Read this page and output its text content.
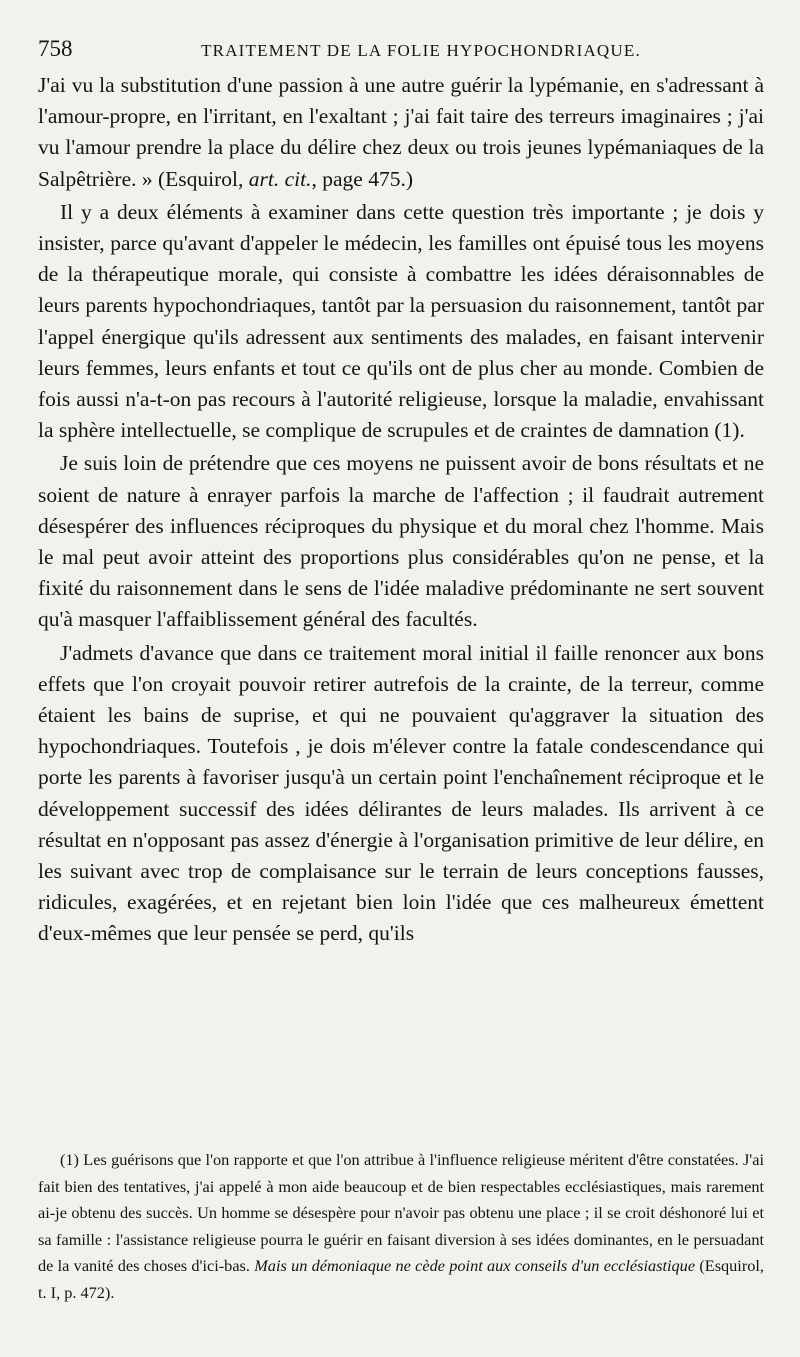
758	TRAITEMENT DE LA FOLIE HYPOCHONDRIAQUE.

J'ai vu la substitution d'une passion à une autre guérir la lypémanie, en s'adressant à l'amour-propre, en l'irritant, en l'exaltant ; j'ai fait taire des terreurs imaginaires ; j'ai vu l'amour prendre la place du délire chez deux ou trois jeunes lypémaniaques de la Salpêtrière. » (Esquirol, art. cit., page 475.)

Il y a deux éléments à examiner dans cette question très importante ; je dois y insister, parce qu'avant d'appeler le médecin, les familles ont épuisé tous les moyens de la thérapeutique morale, qui consiste à combattre les idées déraisonnables de leurs parents hypochondriaques, tantôt par la persuasion du raisonnement, tantôt par l'appel énergique qu'ils adressent aux sentiments des malades, en faisant intervenir leurs femmes, leurs enfants et tout ce qu'ils ont de plus cher au monde. Combien de fois aussi n'a-t-on pas recours à l'autorité religieuse, lorsque la maladie, envahissant la sphère intellectuelle, se complique de scrupules et de craintes de damnation (1).

Je suis loin de prétendre que ces moyens ne puissent avoir de bons résultats et ne soient de nature à enrayer parfois la marche de l'affection ; il faudrait autrement désespérer des influences réciproques du physique et du moral chez l'homme. Mais le mal peut avoir atteint des proportions plus considérables qu'on ne pense, et la fixité du raisonnement dans le sens de l'idée maladive prédominante ne sert souvent qu'à masquer l'affaiblissement général des facultés.

J'admets d'avance que dans ce traitement moral initial il faille renoncer aux bons effets que l'on croyait pouvoir retirer autrefois de la crainte, de la terreur, comme étaient les bains de suprise, et qui ne pouvaient qu'aggraver la situation des hypochondriaques. Toutefois , je dois m'élever contre la fatale condescendance qui porte les parents à favoriser jusqu'à un certain point l'enchaînement réciproque et le développement successif des idées délirantes de leurs malades. Ils arrivent à ce résultat en n'opposant pas assez d'énergie à l'organisation primitive de leur délire, en les suivant avec trop de complaisance sur le terrain de leurs conceptions fausses, ridicules, exagérées, et en rejetant bien loin l'idée que ces malheureux émettent d'eux-mêmes que leur pensée se perd, qu'ils

(1) Les guérisons que l'on rapporte et que l'on attribue à l'influence religieuse méritent d'être constatées. J'ai fait bien des tentatives, j'ai appelé à mon aide beaucoup et de bien respectables ecclésiastiques, mais rarement ai-je obtenu des succès. Un homme se désespère pour n'avoir pas obtenu une place ; il se croit déshonoré lui et sa famille : l'assistance religieuse pourra le guérir en faisant diversion à ses idées dominantes, en le persuadant de la vanité des choses d'ici-bas. Mais un démoniaque ne cède point aux conseils d'un ecclésiastique (Esquirol, t. I, p. 472).
